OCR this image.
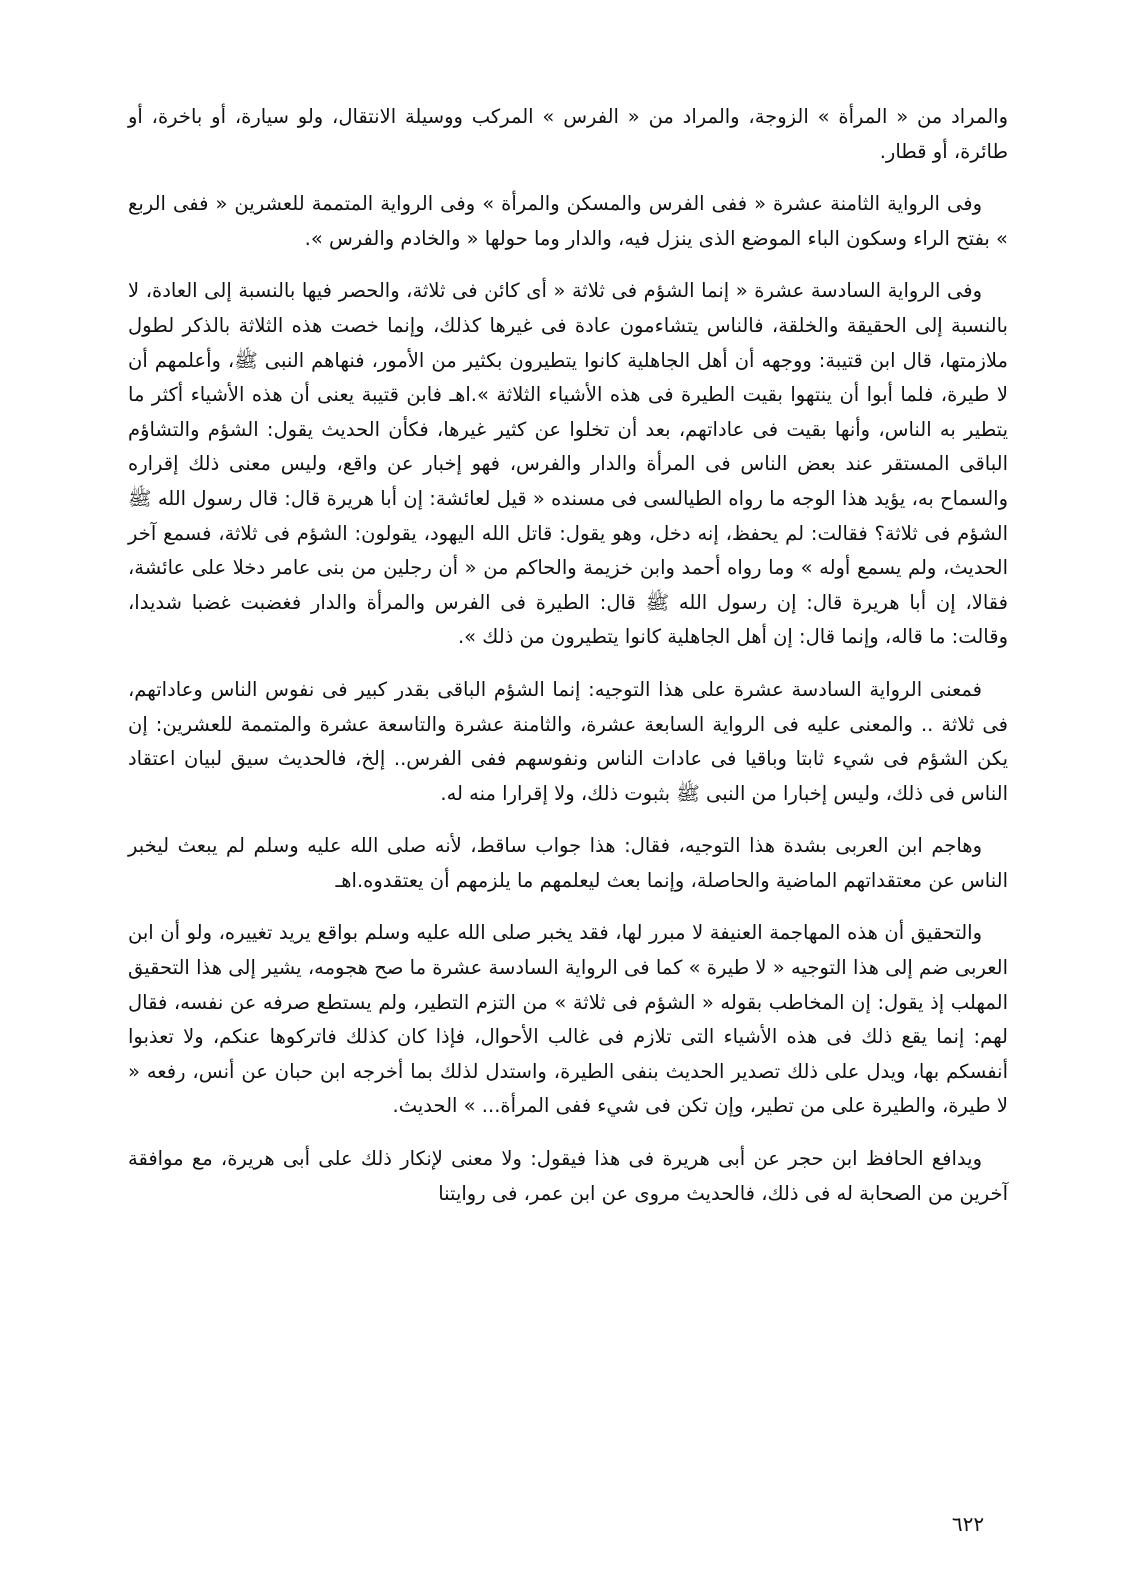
والمراد من « المرأة » الزوجة، والمراد من « الفرس » المركب ووسيلة الانتقال، ولو سيارة، أو باخرة، أو طائرة، أو قطار.

وفى الرواية الثامنة عشرة « ففى الفرس والمسكن والمرأة » وفى الرواية المتممة للعشرين « ففى الربع » بفتح الراء وسكون الباء الموضع الذى ينزل فيه، والدار وما حولها « والخادم والفرس ».

وفى الرواية السادسة عشرة « إنما الشؤم فى ثلاثة « أى كائن فى ثلاثة، والحصر فيها بالنسبة إلى العادة، لا بالنسبة إلى الحقيقة والخلقة، فالناس يتشاءمون عادة فى غيرها كذلك، وإنما خصت هذه الثلاثة بالذكر لطول ملازمتها، قال ابن قتيبة: ووجهه أن أهل الجاهلية كانوا يتطيرون بكثير من الأمور، فنهاهم النبى ﷺ، وأعلمهم أن لا طيرة، فلما أبوا أن ينتهوا بقيت الطيرة فى هذه الأشياء الثلاثة ».اهـ فابن قتيبة يعنى أن هذه الأشياء أكثر ما يتطير به الناس، وأنها بقيت فى عاداتهم، بعد أن تخلوا عن كثير غيرها، فكأن الحديث يقول: الشؤم والتشاؤم الباقى المستقر عند بعض الناس فى المرأة والدار والفرس، فهو إخبار عن واقع، وليس معنى ذلك إقراره والسماح به، يؤيد هذا الوجه ما رواه الطيالسى فى مسنده « قيل لعائشة: إن أبا هريرة قال: قال رسول الله ﷺ الشؤم فى ثلاثة؟ فقالت: لم يحفظ، إنه دخل، وهو يقول: قاتل الله اليهود، يقولون: الشؤم فى ثلاثة، فسمع آخر الحديث، ولم يسمع أوله » وما رواه أحمد وابن خزيمة والحاكم من « أن رجلين من بنى عامر دخلا على عائشة، فقالا، إن أبا هريرة قال: إن رسول الله ﷺ قال: الطيرة فى الفرس والمرأة والدار فغضبت غضبا شديدا، وقالت: ما قاله، وإنما قال: إن أهل الجاهلية كانوا يتطيرون من ذلك ».

فمعنى الرواية السادسة عشرة على هذا التوجيه: إنما الشؤم الباقى بقدر كبير فى نفوس الناس وعاداتهم، فى ثلاثة .. والمعنى عليه فى الرواية السابعة عشرة، والثامنة عشرة والتاسعة عشرة والمتممة للعشرين: إن يكن الشؤم فى شيء ثابتا وباقيا فى عادات الناس ونفوسهم ففى الفرس.. إلخ، فالحديث سيق لبيان اعتقاد الناس فى ذلك، وليس إخبارا من النبى ﷺ بثبوت ذلك، ولا إقرارا منه له.

وهاجم ابن العربى بشدة هذا التوجيه، فقال: هذا جواب ساقط، لأنه صلى الله عليه وسلم لم يبعث ليخبر الناس عن معتقداتهم الماضية والحاصلة، وإنما بعث ليعلمهم ما يلزمهم أن يعتقدوه.اهـ

والتحقيق أن هذه المهاجمة العنيفة لا مبرر لها، فقد يخبر صلى الله عليه وسلم بواقع يريد تغييره، ولو أن ابن العربى ضم إلى هذا التوجيه « لا طيرة » كما فى الرواية السادسة عشرة ما صح هجومه، يشير إلى هذا التحقيق المهلب إذ يقول: إن المخاطب بقوله « الشؤم فى ثلاثة » من التزم التطير، ولم يستطع صرفه عن نفسه، فقال لهم: إنما يقع ذلك فى هذه الأشياء التى تلازم فى غالب الأحوال، فإذا كان كذلك فاتركوها عنكم، ولا تعذبوا أنفسكم بها، ويدل على ذلك تصدير الحديث بنفى الطيرة، واستدل لذلك بما أخرجه ابن حبان عن أنس، رفعه « لا طيرة، والطيرة على من تطير، وإن تكن فى شيء ففى المرأة... » الحديث.

ويدافع الحافظ ابن حجر عن أبى هريرة فى هذا فيقول: ولا معنى لإنكار ذلك على أبى هريرة، مع موافقة آخرين من الصحابة له فى ذلك، فالحديث مروى عن ابن عمر، فى روايتنا

٦٢٢
